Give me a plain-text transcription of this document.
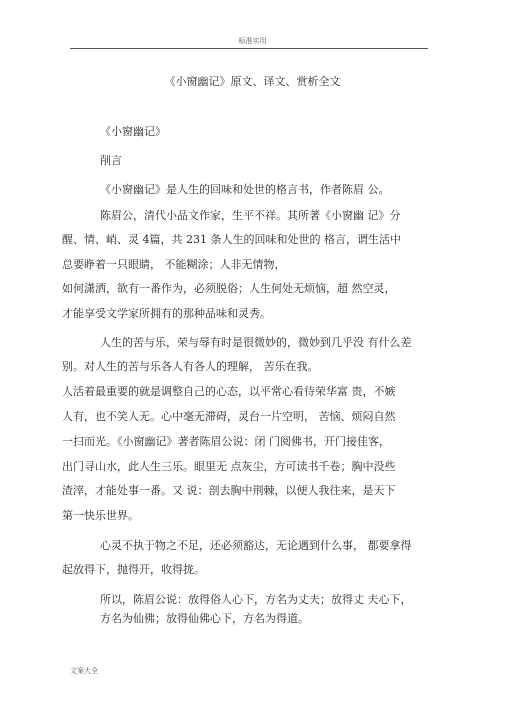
标准实用
《小窗幽记》原文、译文、赏析全文
《小窗幽记》
削言
《小窗幽记》是人生的回味和处世的格言书，作者陈眉 公。
陈眉公，清代小品文作家，生平不祥。其所著《小窗幽 记》分
醒、情、峭、灵 4篇，共 231 条人生的回味和处世的 格言，谓生活中
总要睁着一只眼睛， 不能糊涂；人非无情物，
如何潇洒，欲有一番作为，必须脱俗；人生何处无烦恼，超 然空灵，
才能享受文学家所拥有的那种品味和灵秀。
人生的苦与乐，荣与辱有时是很微妙的，微妙到几乎没 有什么差
别。对人生的苦与乐各人有各人的理解， 苦乐在我。
人活着最重要的就是调整自己的心态，以平常心看待荣华富 贵，不嫉
人有，也不笑人无。心中毫无滞碍，灵台一片空明， 苦恼、烦闷自然
一扫而光。《小窗幽记》著者陈眉公说：闭 门阅佛书，开门接佳客，
出门寻山水，此人生三乐。眼里无 点灰尘，方可读书千卷；胸中没些
渣滓，才能处事一番。又 说：剖去胸中荆棘，以便人我往来，是天下
第一快乐世界。
心灵不执于物之不足，还必须豁达，无论遇到什么事， 都要拿得
起放得下，抛得开，收得拢。
所以，陈眉公说：放得俗人心下，方名为丈夫；放得丈 夫心下，
方名为仙佛；放得仙佛心下，方名为得道。
文案大全
